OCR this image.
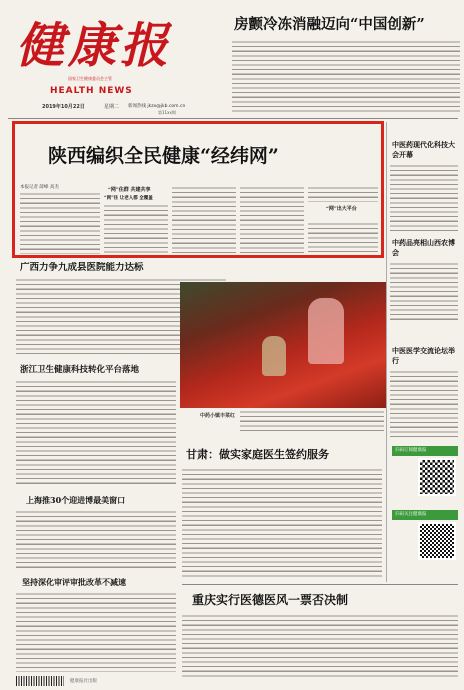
健康报
HEALTH NEWS
国家卫生健康委员会主管
2019年10月22日	星期二 新闻热线 jkzx@jkb.com.cn
第11xx期
房颤冷冻消融迈向“中国创新”
陕西编织全民健康“经纬网”
本报记者 薛峰 高杰	“网”住群 共建共享
“网”住 让老人都 全覆盖
“网”出大平台
中医药现代化科技大会开幕
中药品亮相山西农博会
中医医学交流论坛举行
扫码订阅健康报
扫码关注健康报
广西力争九成县医院能力达标
中药小镇丰菜红
浙江卫生健康科技转化平台落地
甘肃：做实家庭医生签约服务
上海推30个迎进博最美窗口
坚持深化审评审批改革不减速
重庆实行医德医风一票否决制
健康报社出版
